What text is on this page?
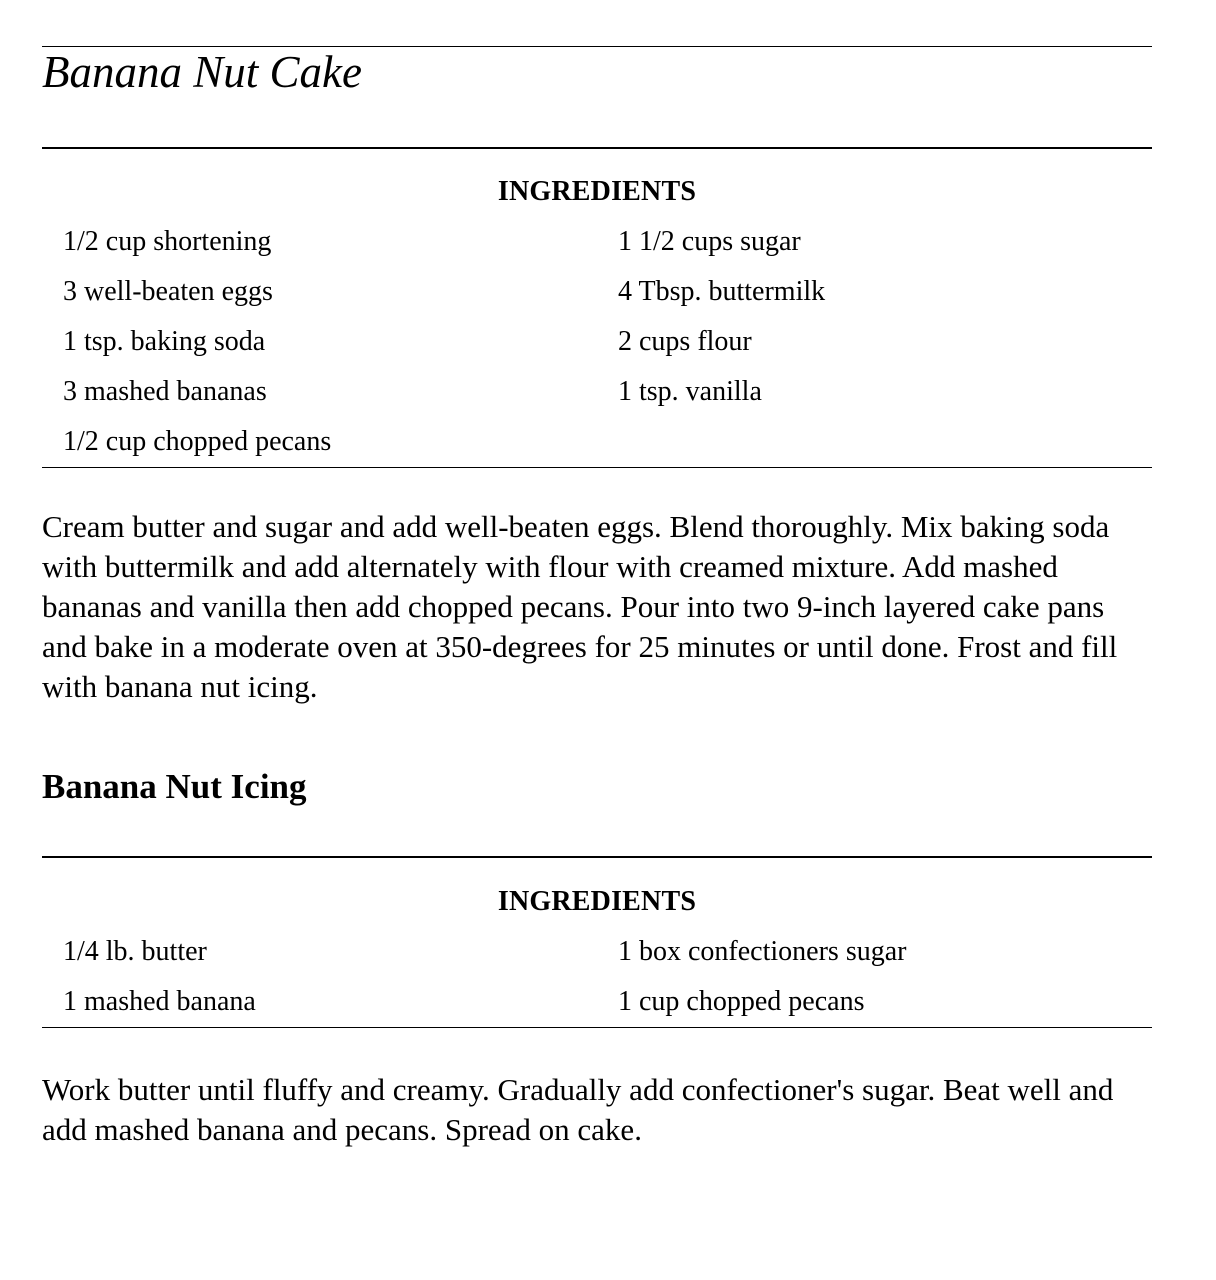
Banana Nut Cake
INGREDIENTS
1/2 cup shortening
3 well-beaten eggs
1 tsp. baking soda
3 mashed bananas
1/2 cup chopped pecans
1 1/2 cups sugar
4 Tbsp. buttermilk
2 cups flour
1 tsp. vanilla
Cream butter and sugar and add well-beaten eggs. Blend thoroughly. Mix baking soda with buttermilk and add alternately with flour with creamed mixture. Add mashed bananas and vanilla then add chopped pecans. Pour into two 9-inch layered cake pans and bake in a moderate oven at 350-degrees for 25 minutes or until done. Frost and fill with banana nut icing.
Banana Nut Icing
INGREDIENTS
1/4 lb. butter
1 mashed banana
1 box confectioners sugar
1 cup chopped pecans
Work butter until fluffy and creamy. Gradually add confectioner's sugar. Beat well and add mashed banana and pecans. Spread on cake.
